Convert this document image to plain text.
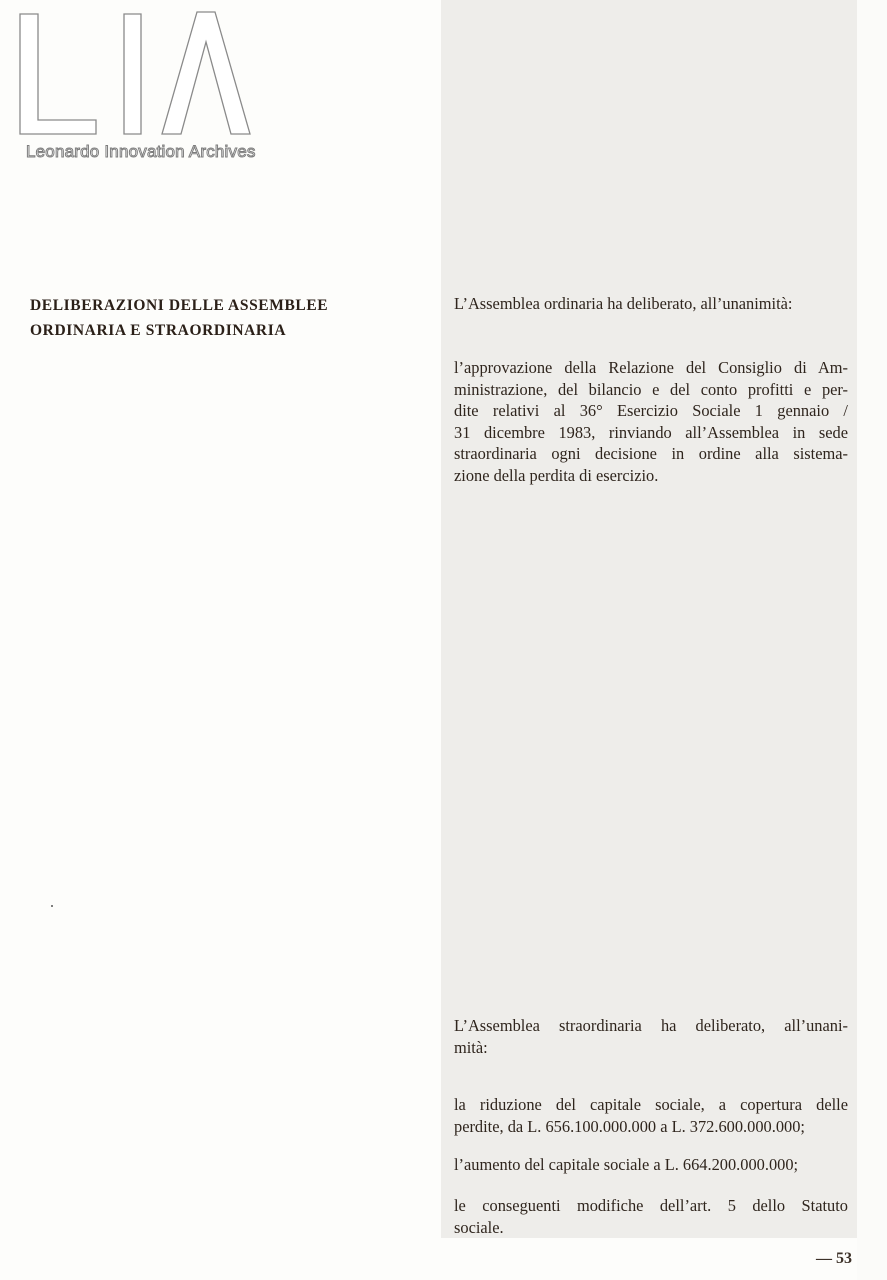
Leonardo Innovation Archives
DELIBERAZIONI DELLE ASSEMBLEE
ORDINARIA E STRAORDINARIA
L’Assemblea ordinaria ha deliberato, all’unanimità:
l’approvazione della Relazione del Consiglio di Am-
ministrazione, del bilancio e del conto profitti e per-
dite relativi al 36° Esercizio Sociale 1 gennaio /
31 dicembre 1983, rinviando all’Assemblea in sede
straordinaria ogni decisione in ordine alla sistema-
zione della perdita di esercizio.
L’Assemblea straordinaria ha deliberato, all’unani-
mità:
la riduzione del capitale sociale, a copertura delle
perdite, da L. 656.100.000.000 a L. 372.600.000.000;
l’aumento del capitale sociale a L. 664.200.000.000;
le conseguenti modifiche dell’art. 5 dello Statuto
sociale.
— 53
